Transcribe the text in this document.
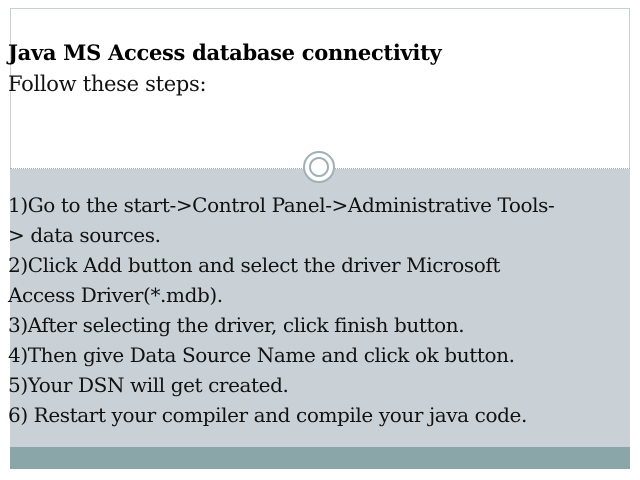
Java MS Access database connectivity
Follow these steps:
1)Go to the start->Control Panel->Administrative Tools-
> data sources.
2)Click Add button and select the driver Microsoft
Access Driver(*.mdb).
3)After selecting the driver, click finish button.
4)Then give Data Source Name and click ok button.
5)Your DSN will get created.
6) Restart your compiler and compile your java code.
